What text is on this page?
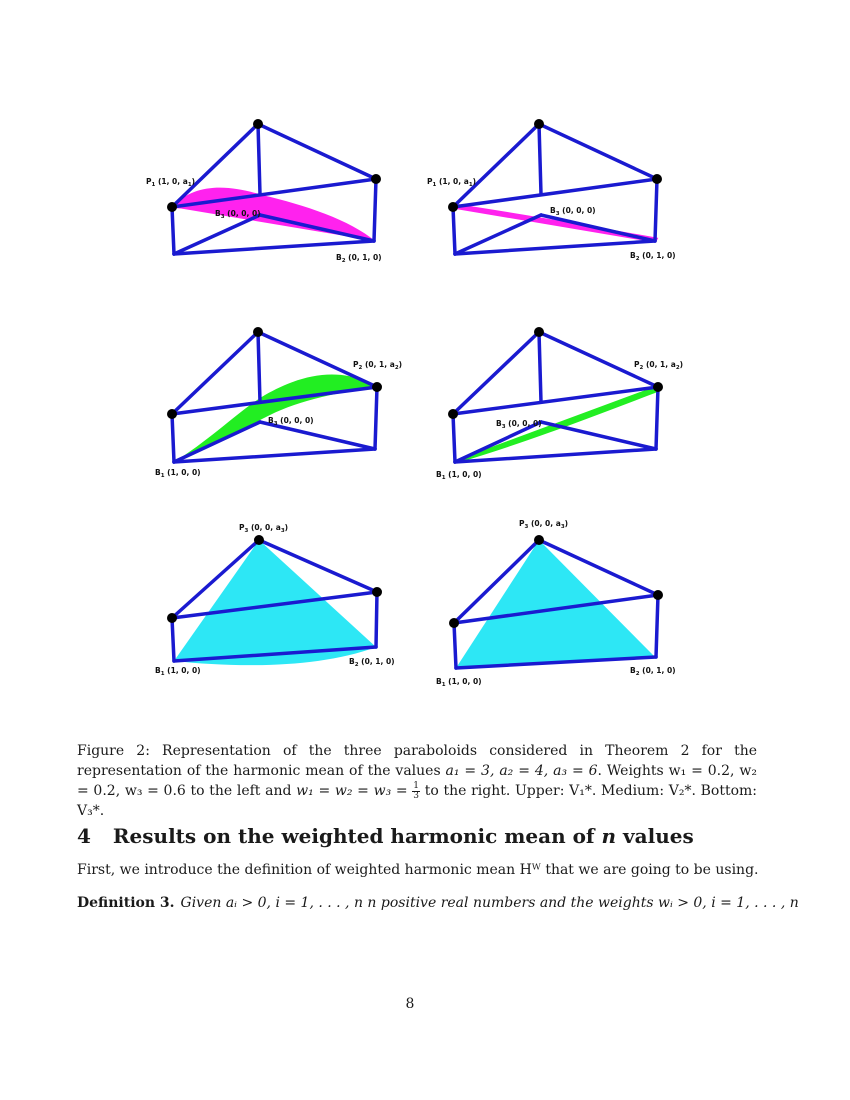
$P_1$ (1, 0, $a_1$)
$B_3$ (0, 0, 0)
$B_2$ (0, 1, 0)
$P_1$ (1, 0, $a_1$)
$B_3$ (0, 0, 0)
$B_2$ (0, 1, 0)
$P_2$ (0, 1, $a_2$)
$B_3$ (0, 0, 0)
$B_1$ (1, 0, 0)
$P_2$ (0, 1, $a_2$)
$B_3$ (0, 0, 0)
$B_1$ (1, 0, 0)
$P_3$ (0, 0, $a_3$)
$B_1$ (1, 0, 0)
$B_2$ (0, 1, 0)
$P_3$ (0, 0, $a_3$)
$B_1$ (1, 0, 0)
$B_2$ (0, 1, 0)
Figure 2: Representation of the three paraboloids considered in Theorem 2 for the representation of the harmonic mean of the values a₁ = 3, a₂ = 4, a₃ = 6. Weights w₁ = 0.2, w₂ = 0.2, w₃ = 0.6 to the left and $w_1 = w_2 = w_3 = \frac{1}{3}$ to the right. Upper: V₁*. Medium: V₂*. Bottom: V₃*.
4 Results on the weighted harmonic mean of n values
First, we introduce the definition of weighted harmonic mean Hᵂ that we are going to be using.
Definition 3. Given aᵢ > 0, i = 1, . . . , n n positive real numbers and the weights wᵢ > 0, i = 1, . . . , n
8
